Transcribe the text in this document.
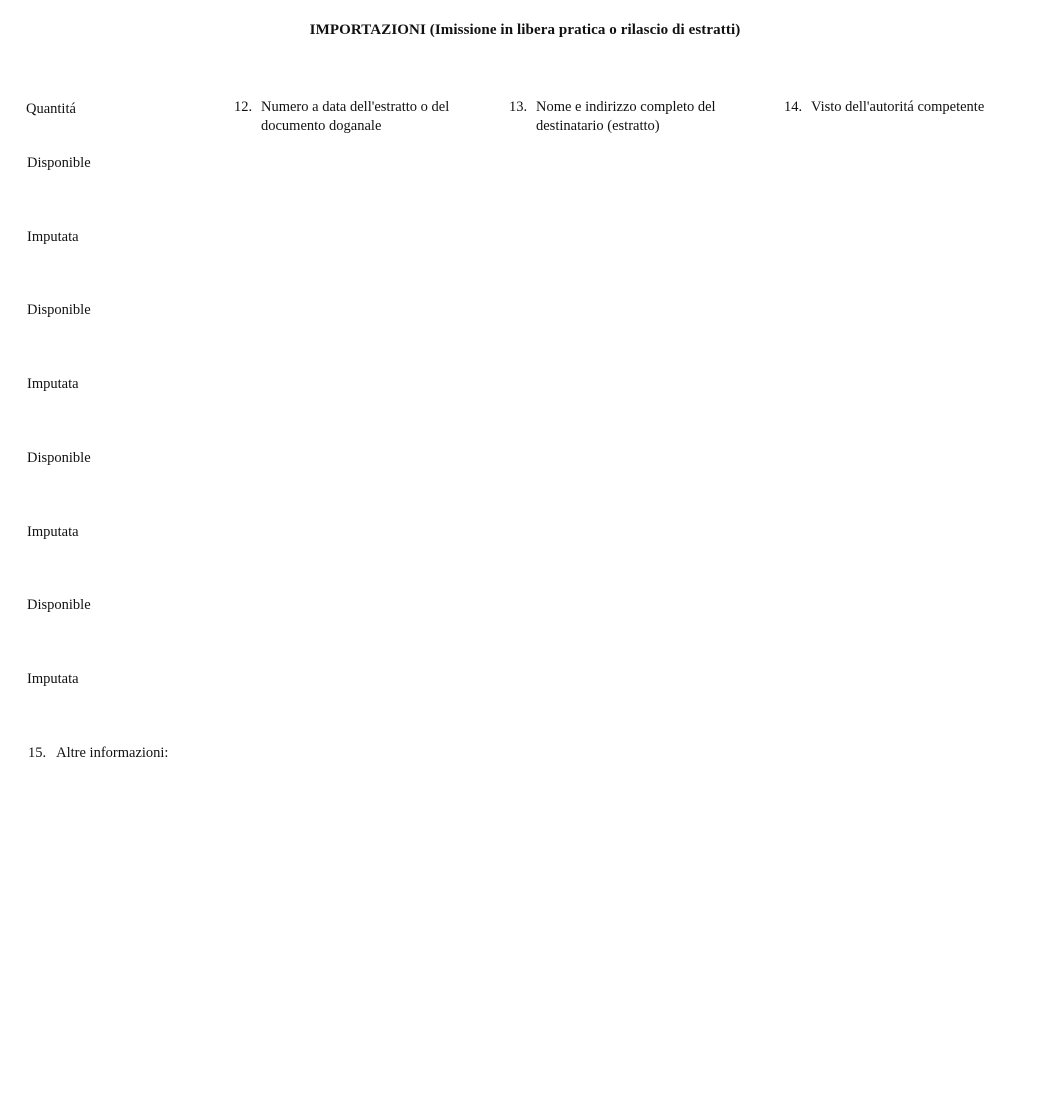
IMPORTAZIONI (Imissione in libera pratica o rilascio di estratti)
Quantitá	12. Numero a data dell'estratto o del documento doganale
13. Nome e indirizzo completo del destinatario (estratto)
14. Visto dell'autoritá competente
Disponible
Imputata
Disponible
Imputata
Disponible
Imputata
Disponible
Imputata
15. Altre informazioni:
